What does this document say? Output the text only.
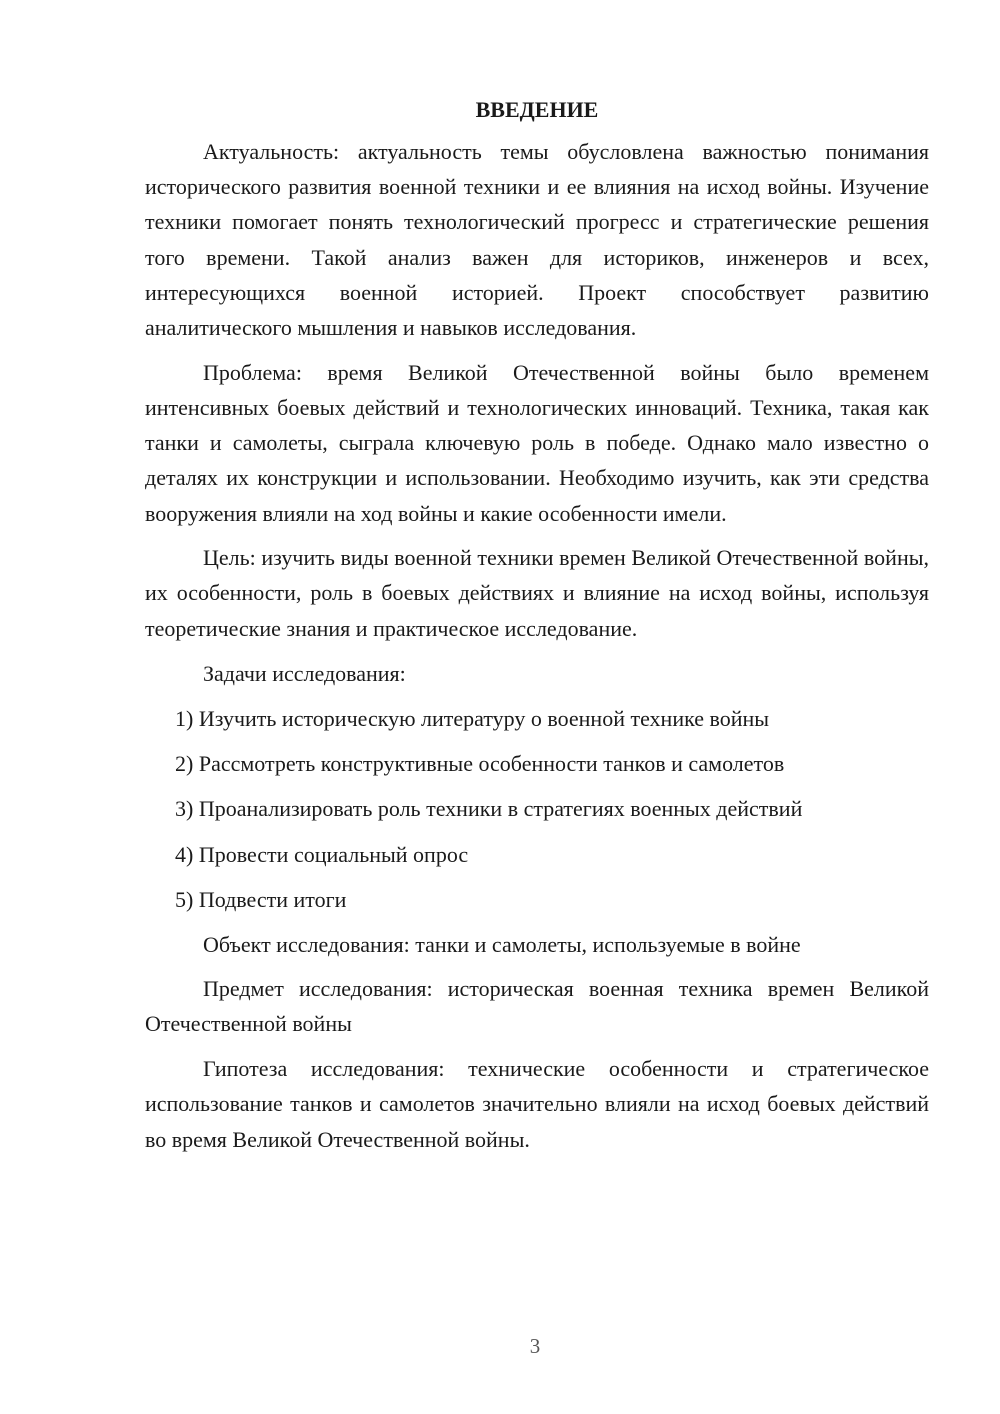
ВВЕДЕНИЕ

Актуальность: актуальность темы обусловлена важностью понимания исторического развития военной техники и ее влияния на исход войны. Изучение техники помогает понять технологический прогресс и стратегические решения того времени. Такой анализ важен для историков, инженеров и всех, интересующихся военной историей. Проект способствует развитию аналитического мышления и навыков исследования.

Проблема: время Великой Отечественной войны было временем интенсивных боевых действий и технологических инноваций. Техника, такая как танки и самолеты, сыграла ключевую роль в победе. Однако мало известно о деталях их конструкции и использовании. Необходимо изучить, как эти средства вооружения влияли на ход войны и какие особенности имели.

Цель: изучить виды военной техники времен Великой Отечественной войны, их особенности, роль в боевых действиях и влияние на исход войны, используя теоретические знания и практическое исследование.

Задачи исследования:

1) Изучить историческую литературу о военной технике войны
2) Рассмотреть конструктивные особенности танков и самолетов
3) Проанализировать роль техники в стратегиях военных действий
4) Провести социальный опрос
5) Подвести итоги

Объект исследования: танки и самолеты, используемые в войне

Предмет исследования: историческая военная техника времен Великой Отечественной войны

Гипотеза исследования: технические особенности и стратегическое использование танков и самолетов значительно влияли на исход боевых действий во время Великой Отечественной войны.

3
